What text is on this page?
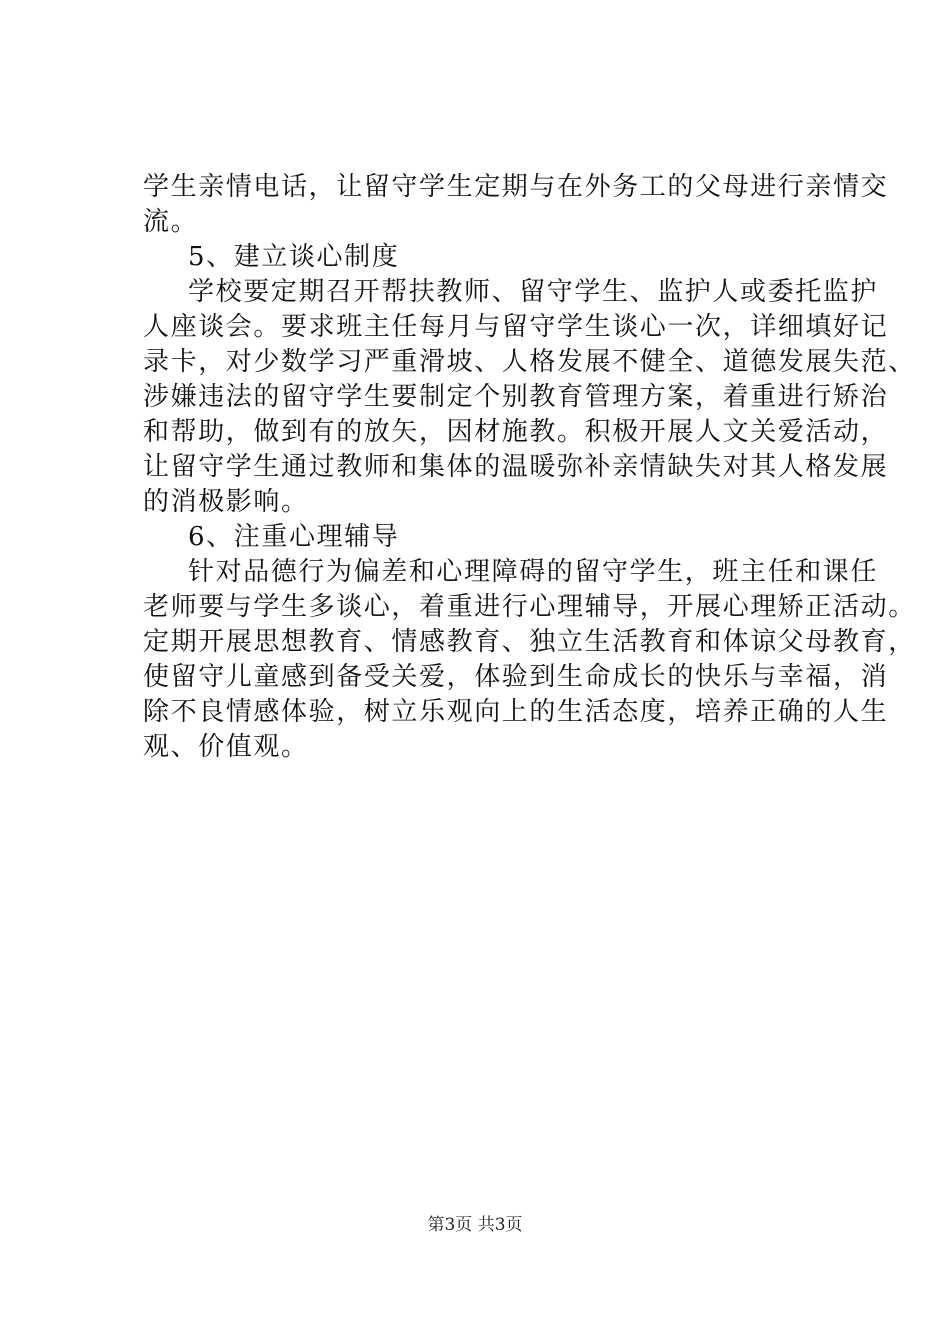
学生亲情电话，让留守学生定期与在外务工的父母进行亲情交
流。
5、建立谈心制度
学校要定期召开帮扶教师、留守学生、监护人或委托监护
人座谈会。要求班主任每月与留守学生谈心一次，详细填好记
录卡，对少数学习严重滑坡、人格发展不健全、道德发展失范、
涉嫌违法的留守学生要制定个别教育管理方案，着重进行矫治
和帮助，做到有的放矢，因材施教。积极开展人文关爱活动，
让留守学生通过教师和集体的温暖弥补亲情缺失对其人格发展
的消极影响。
6、注重心理辅导
针对品德行为偏差和心理障碍的留守学生，班主任和课任
老师要与学生多谈心，着重进行心理辅导，开展心理矫正活动。
定期开展思想教育、情感教育、独立生活教育和体谅父母教育，
使留守儿童感到备受关爱，体验到生命成长的快乐与幸福，消
除不良情感体验，树立乐观向上的生活态度，培养正确的人生
观、价值观。
第3页 共3页
